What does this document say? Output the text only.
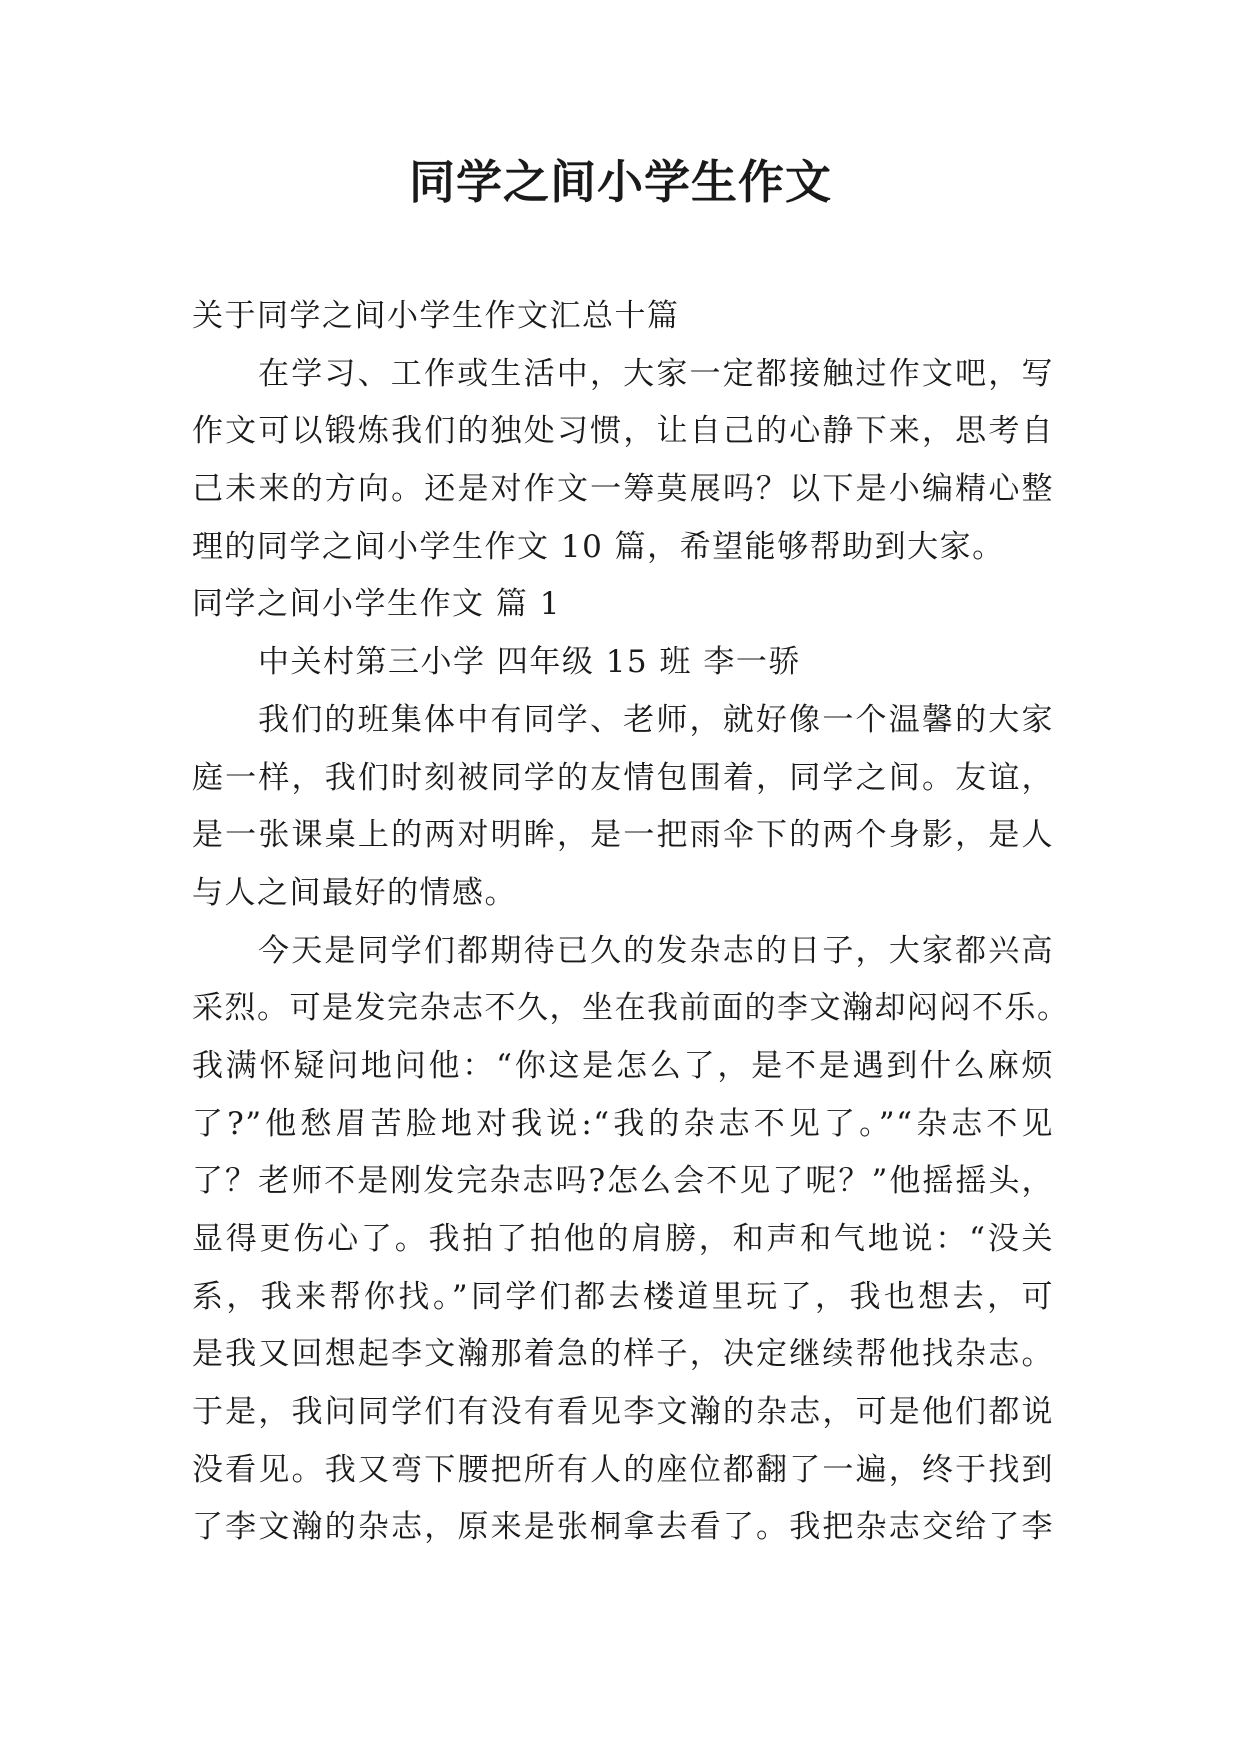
同学之间小学生作文
关于同学之间小学生作文汇总十篇
在学习、工作或生活中，大家一定都接触过作文吧，写
作文可以锻炼我们的独处习惯，让自己的心静下来，思考自
己未来的方向。还是对作文一筹莫展吗？以下是小编精心整
理的同学之间小学生作文 10 篇，希望能够帮助到大家。
同学之间小学生作文 篇 1
中关村第三小学 四年级 15 班 李一骄
我们的班集体中有同学、老师，就好像一个温馨的大家
庭一样，我们时刻被同学的友情包围着，同学之间。友谊，
是一张课桌上的两对明眸，是一把雨伞下的两个身影，是人
与人之间最好的情感。
今天是同学们都期待已久的发杂志的日子，大家都兴高
采烈。可是发完杂志不久，坐在我前面的李文瀚却闷闷不乐。
我满怀疑问地问他：“你这是怎么了，是不是遇到什么麻烦
了?”他愁眉苦脸地对我说:“我的杂志不见了。”“杂志不见
了？老师不是刚发完杂志吗?怎么会不见了呢？”他摇摇头，
显得更伤心了。我拍了拍他的肩膀，和声和气地说：“没关
系，我来帮你找。”同学们都去楼道里玩了，我也想去，可
是我又回想起李文瀚那着急的样子，决定继续帮他找杂志。
于是，我问同学们有没有看见李文瀚的杂志，可是他们都说
没看见。我又弯下腰把所有人的座位都翻了一遍，终于找到
了李文瀚的杂志，原来是张桐拿去看了。我把杂志交给了李
